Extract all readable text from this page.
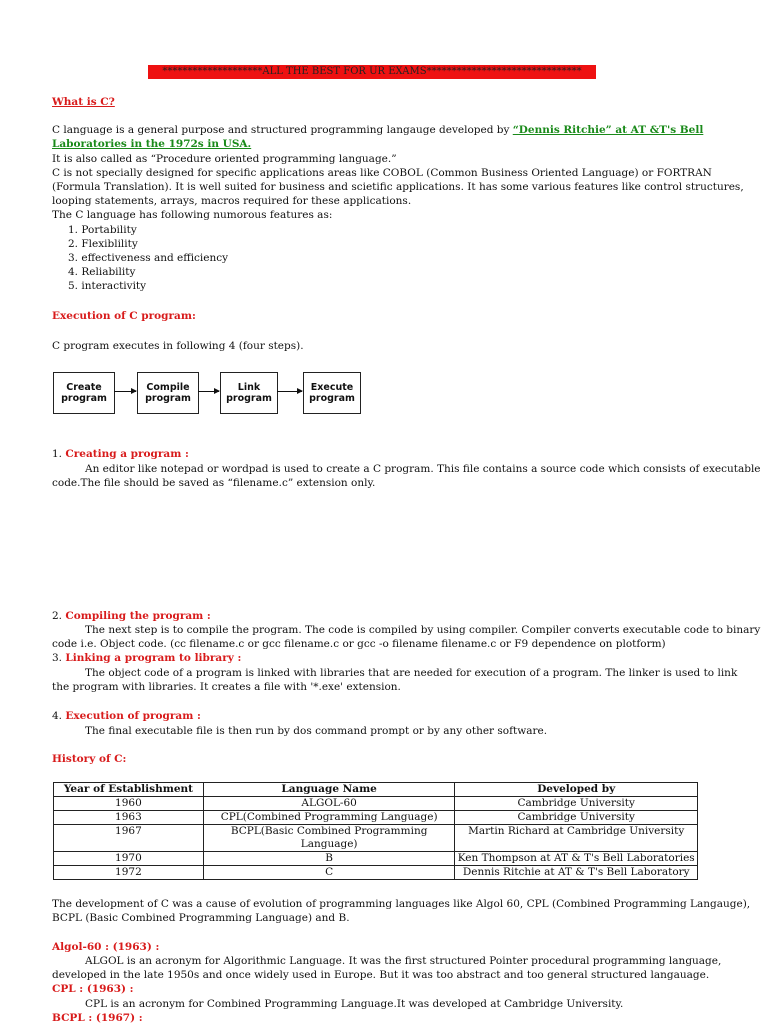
********************ALL THE BEST FOR UR EXAMS*******************************
What is C?
C language is a general purpose and structured programming langauge developed by “Dennis Ritchie” at AT &T's Bell
Laboratories in the 1972s in USA.
It is also called as “Procedure oriented programming language.”
C is not specially designed for specific applications areas like COBOL (Common Business Oriented Language) or FORTRAN
(Formula Translation). It is well suited for business and scietific applications. It has some various features like control structures,
looping statements, arrays, macros required for these applications.
The C language has following numorous features as:
1. Portability
2. Flexiblility
3. effectiveness and efficiency
4. Reliability
5. interactivity
Execution of C program:
C program executes in following 4 (four steps).
Create
program
Compile
program
Link
program
Execute
program
1. Creating a program :
An editor like notepad or wordpad is used to create a C program. This file contains a source code which consists of executable
code.The file should be saved as “filename.c” extension only.
2. Compiling the program :
The next step is to compile the program. The code is compiled by using compiler. Compiler converts executable code to binary
code i.e. Object code. (cc filename.c or gcc filename.c or gcc -o filename filename.c or F9 dependence on plotform)
3. Linking a program to library :
The object code of a program is linked with libraries that are needed for execution of a program. The linker is used to link
the program with libraries. It creates a file with '*.exe' extension.
4. Execution of program :
The final executable file is then run by dos command prompt or by any other software.
History of C:
Year of Establishment	Language Name	Developed by
1960	ALGOL-60	Cambridge University
1963	CPL(Combined Programming Language)	Cambridge University
1967	BCPL(Basic Combined Programming Language)	Martin Richard at Cambridge University
1970	B	Ken Thompson at AT & T's Bell Laboratories
1972	C	Dennis Ritchie at AT & T's Bell Laboratory
The development of C was a cause of evolution of programming languages like Algol 60, CPL (Combined Programming Langauge),
BCPL (Basic Combined Programming Language) and B.
Algol-60 : (1963) :
ALGOL is an acronym for Algorithmic Language. It was the first structured Pointer procedural programming language,
developed in the late 1950s and once widely used in Europe. But it was too abstract and too general structured langauage.
CPL : (1963) :
CPL is an acronym for Combined Programming Language.It was developed at Cambridge University.
BCPL : (1967) :
